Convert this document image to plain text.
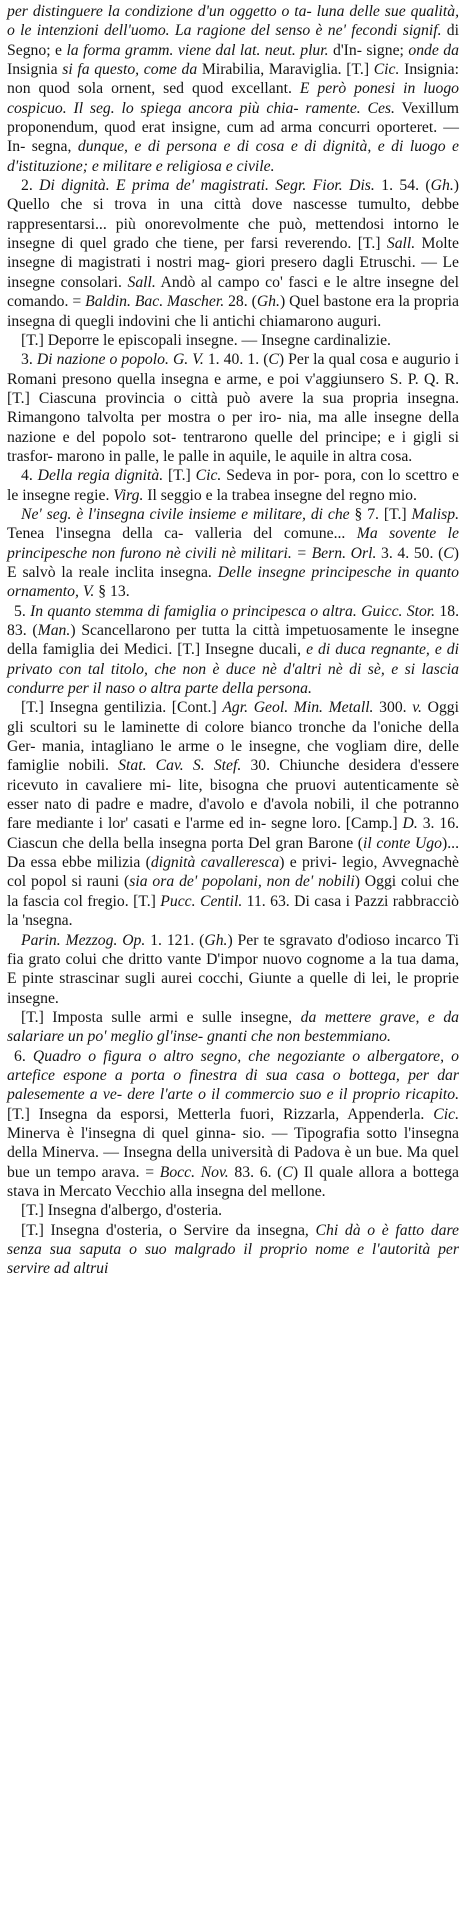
per distinguere la condizione d'un oggetto o ta- luna delle sue qualità, o le intenzioni dell'uomo. La ragione del senso è ne' fecondi signif. di Segno; e la forma gramm. viene dal lat. neut. plur. d'In- signe; onde da Insignia si fa questo, come da Mirabilia, Maraviglia. [T.] Cic. Insignia: non quod sola ornent, sed quod excellant. E però ponesi in luogo cospicuo. Il seg. lo spiega ancora più chia- ramente. Ces. Vexillum proponendum, quod erat insigne, cum ad arma concurri oporteret. — In- segna, dunque, e di persona e di cosa e di dignità, e di luogo e d'istituzione; e militare e religiosa e civile.

2. Di dignità. E prima de' magistrati. Segr. Fior. Dis. 1. 54. (Gh.) Quello che si trova in una città dove nascesse tumulto, debbe rappresentarsi... più onorevolmente che può, mettendosi intorno le insegne di quel grado che tiene, per farsi reverendo. [T.] Sall. Molte insegne di magistrati i nostri mag- giori presero dagli Etruschi. — Le insegne consolari. Sall. Andò al campo co' fasci e le altre insegne del comando. = Baldin. Bac. Mascher. 28. (Gh.) Quel bastone era la propria insegna di quegli indovini che li antichi chiamarono auguri.

[T.] Deporre le episcopali insegne. — Insegne cardinalizie.

3. Di nazione o popolo. G. V. 1. 40. 1. (C) Per la qual cosa e augurio i Romani presono quella insegna e arme, e poi v'aggiunsero S. P. Q. R. [T.] Ciascuna provincia o città può avere la sua propria insegna. Rimangono talvolta per mostra o per iro- nia, ma alle insegne della nazione e del popolo sot- tentrarono quelle del principe; e i gigli si trasfor- marono in palle, le palle in aquile, le aquile in altra cosa.

4. Della regia dignità. [T.] Cic. Sedeva in por- pora, con lo scettro e le insegne regie. Virg. Il seggio e la trabea insegne del regno mio.

Ne' seg. è l'insegna civile insieme e militare, di che § 7. [T.] Malisp. Teneа l'insegna della ca- valleria del comune... Ma sovente le principesche non furono nè civili nè militari. = Bern. Orl. 3. 4. 50. (C) E salvò la reale inclita insegna. Delle insegne principesche in quanto ornamento, V. § 13.

5. In quanto stemma di famiglia o principesca o altra. Guicc. Stor. 18. 83. (Man.) Scancellarono per tutta la città impetuosamente le insegne della famiglia dei Medici. [T.] Insegne ducali, e di duca regnante, e di privato con tal titolo, che non è duce nè d'altri nè di sè, e si lascia condurre per il naso o altra parte della persona.

[T.] Insegna gentilizia. [Cont.] Agr. Geol. Min. Metall. 300. v. Oggi gli scultori su le laminette di colore bianco tronche da l'oniche della Ger- mania, intagliano le arme o le insegne, che vogliam dire, delle famiglie nobili. Stat. Cav. S. Stef. 30. Chiunche desidera d'essere ricevuto in cavaliere mi- lite, bisogna che pruovi autenticamente sè esser nato di padre e madre, d'avolo e d'avola nobili, il che potranno fare mediante i lor' casati e l'arme ed in- segne loro. [Camp.] D. 3. 16. Ciascun che della bella insegna porta Del gran Barone (il conte Ugo)... Da essa ebbe milizia (dignità cavalleresca) e privi- legio, Avvegnachè col popol si rauni (sia ora de' popolani, non de' nobili) Oggi colui che la fascia col fregio. [T.] Pucc. Centil. 11. 63. Di casa i Pazzi rabbracciò la 'nsegna.

Parin. Mezzog. Op. 1. 121. (Gh.) Per te sgravato d'odioso incarco Ti fia grato colui che dritto vante D'impor nuovo cognome a la tua dama, E pinte strascinar sugli aurei cocchi, Giunte a quelle di lei, le proprie insegne.

[T.] Imposta sulle armi e sulle insegne, da mettere grave, e da salariare un po' meglio gl'inse- gnanti che non bestemmiano.

6. Quadro o figura o altro segno, che negoziante o albergatore, o artefice espone a porta o finestra di sua casa o bottega, per dar palesemente a ve- dere l'arte o il commercio suo e il proprio ricapito. [T.] Insegna da esporsi, Metterla fuori, Rizzarla, Appenderla. Cic. Minerva è l'insegna di quel ginna- sio. — Tipografia sotto l'insegna della Minerva. — Insegna della università di Padova è un bue. Ma quel bue un tempo arava. = Bocc. Nov. 83. 6. (C) Il quale allora a bottega stava in Mercato Vecchio alla insegna del mellone.

[T.] Insegna d'albergo, d'osteria.

[T.] Insegna d'osteria, o Servire da insegna, Chi dà o è fatto dare senza sua saputa o suo malgrado il proprio nome e l'autorità per servire ad altrui
